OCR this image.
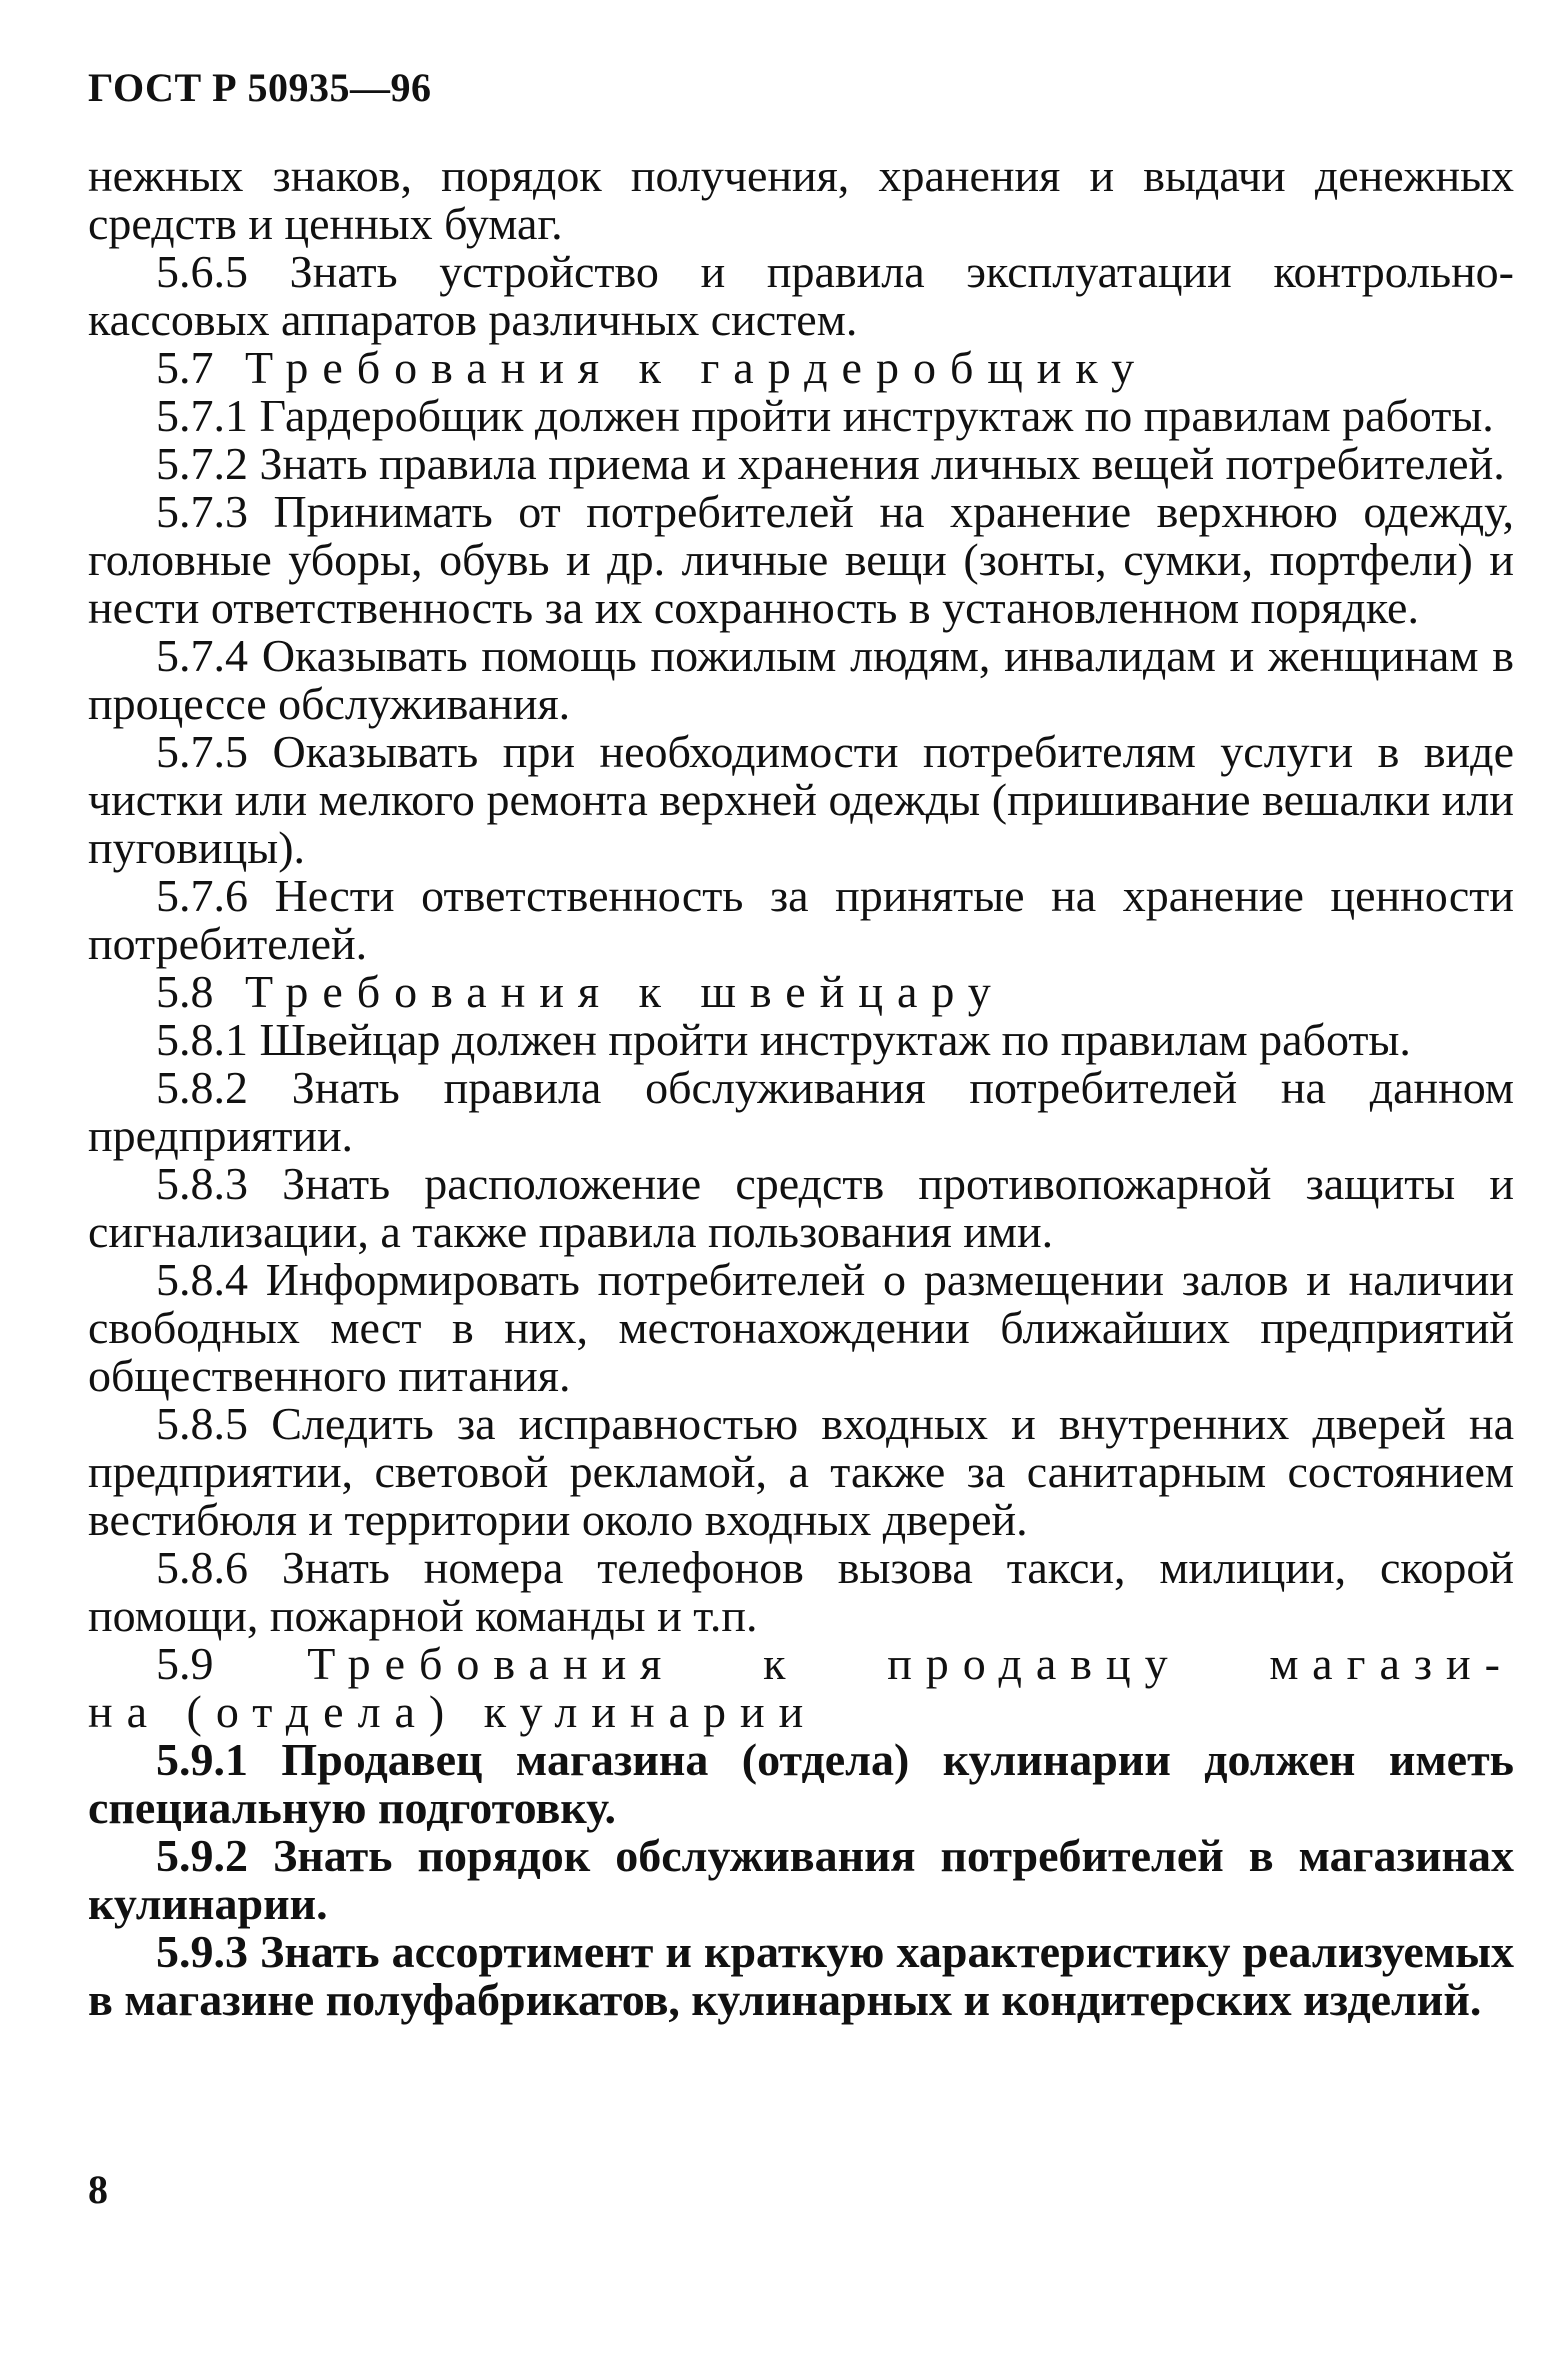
ГОСТ Р 50935—96

нежных знаков, порядок получения, хранения и выдачи денежных средств и ценных бумаг.

5.6.5 Знать устройство и правила эксплуатации контрольно-кассовых аппаратов различных систем.

5.7 Требования к гардеробщику

5.7.1 Гардеробщик должен пройти инструктаж по правилам работы.

5.7.2 Знать правила приема и хранения личных вещей потребителей.

5.7.3 Принимать от потребителей на хранение верхнюю одежду, головные уборы, обувь и др. личные вещи (зонты, сумки, портфели) и нести ответственность за их сохранность в установленном порядке.

5.7.4 Оказывать помощь пожилым людям, инвалидам и женщинам в процессе обслуживания.

5.7.5 Оказывать при необходимости потребителям услуги в виде чистки или мелкого ремонта верхней одежды (пришивание вешалки или пуговицы).

5.7.6 Нести ответственность за принятые на хранение ценности потребителей.

5.8 Требования к швейцару

5.8.1 Швейцар должен пройти инструктаж по правилам работы.

5.8.2 Знать правила обслуживания потребителей на данном предприятии.

5.8.3 Знать расположение средств противопожарной защиты и сигнализации, а также правила пользования ими.

5.8.4 Информировать потребителей о размещении залов и наличии свободных мест в них, местонахождении ближайших предприятий общественного питания.

5.8.5 Следить за исправностью входных и внутренних дверей на предприятии, световой рекламой, а также за санитарным состоянием вестибюля и территории около входных дверей.

5.8.6 Знать номера телефонов вызова такси, милиции, скорой помощи, пожарной команды и т.п.

5.9 Требования к продавцу магази-

на (отдела) кулинарии

5.9.1 Продавец магазина (отдела) кулинарии должен иметь специальную подготовку.

5.9.2 Знать порядок обслуживания потребителей в магазинах кулинарии.

5.9.3 Знать ассортимент и краткую характеристику реализуемых в магазине полуфабрикатов, кулинарных и кондитерских изделий.

8
